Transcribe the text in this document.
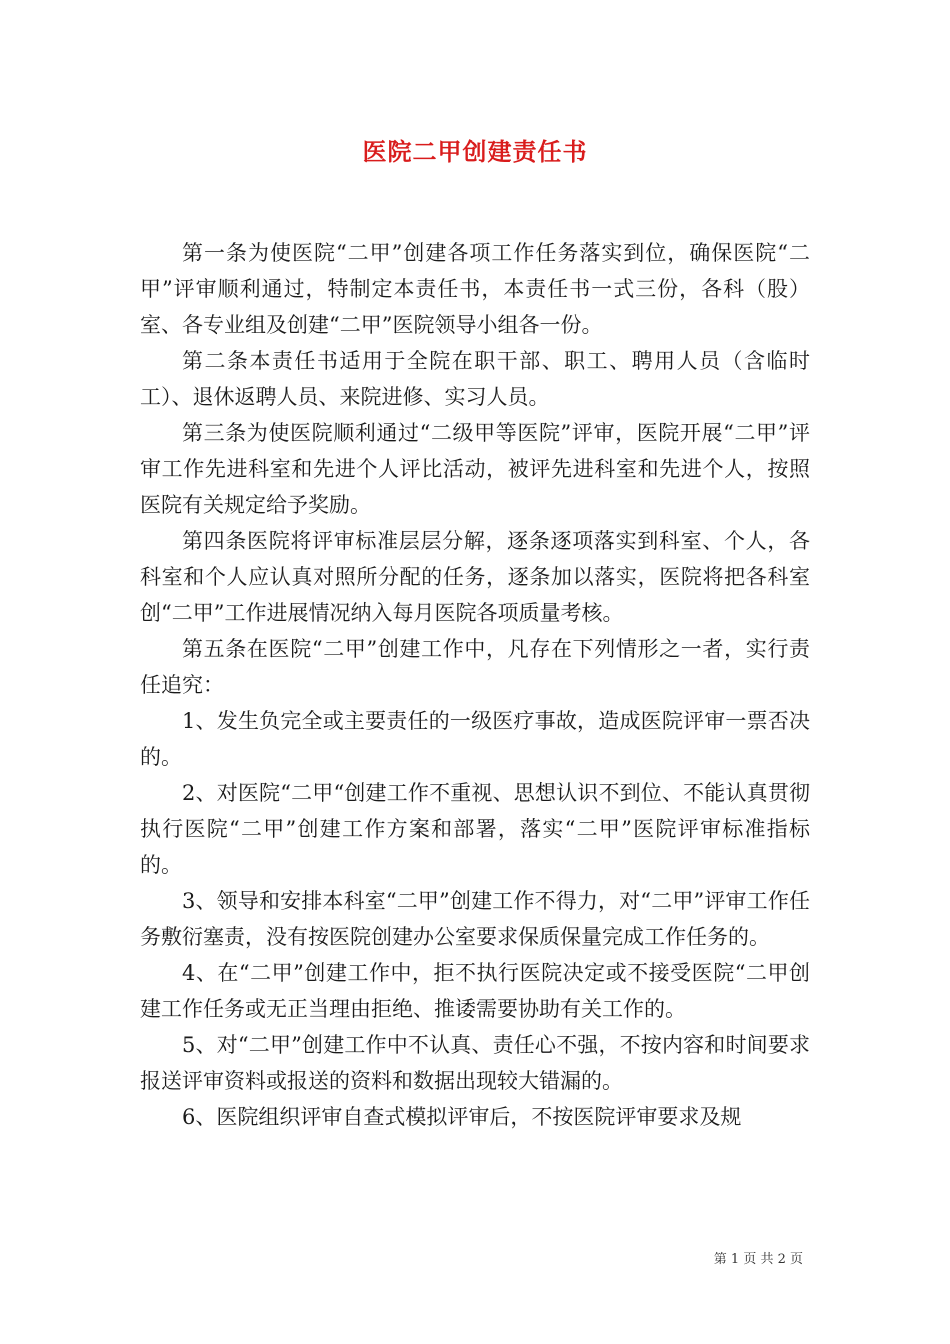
医院二甲创建责任书

第一条为使医院“二甲”创建各项工作任务落实到位，确保医院“二甲”评审顺利通过，特制定本责任书，本责任书一式三份，各科（股）室、各专业组及创建“二甲”医院领导小组各一份。

第二条本责任书适用于全院在职干部、职工、聘用人员（含临时工）、退休返聘人员、来院进修、实习人员。

第三条为使医院顺利通过“二级甲等医院”评审，医院开展“二甲”评审工作先进科室和先进个人评比活动，被评先进科室和先进个人，按照医院有关规定给予奖励。

第四条医院将评审标准层层分解，逐条逐项落实到科室、个人，各科室和个人应认真对照所分配的任务，逐条加以落实，医院将把各科室创“二甲”工作进展情况纳入每月医院各项质量考核。

第五条在医院“二甲”创建工作中，凡存在下列情形之一者，实行责任追究：

1、发生负完全或主要责任的一级医疗事故，造成医院评审一票否决的。

2、对医院“二甲“创建工作不重视、思想认识不到位、不能认真贯彻执行医院“二甲”创建工作方案和部署，落实“二甲”医院评审标准指标的。

3、领导和安排本科室“二甲”创建工作不得力，对“二甲”评审工作任务敷衍塞责，没有按医院创建办公室要求保质保量完成工作任务的。

4、在“二甲”创建工作中，拒不执行医院决定或不接受医院“二甲创建工作任务或无正当理由拒绝、推诿需要协助有关工作的。

5、对“二甲”创建工作中不认真、责任心不强，不按内容和时间要求报送评审资料或报送的资料和数据出现较大错漏的。

6、医院组织评审自查式模拟评审后，不按医院评审要求及规

第 1 页 共 2 页
